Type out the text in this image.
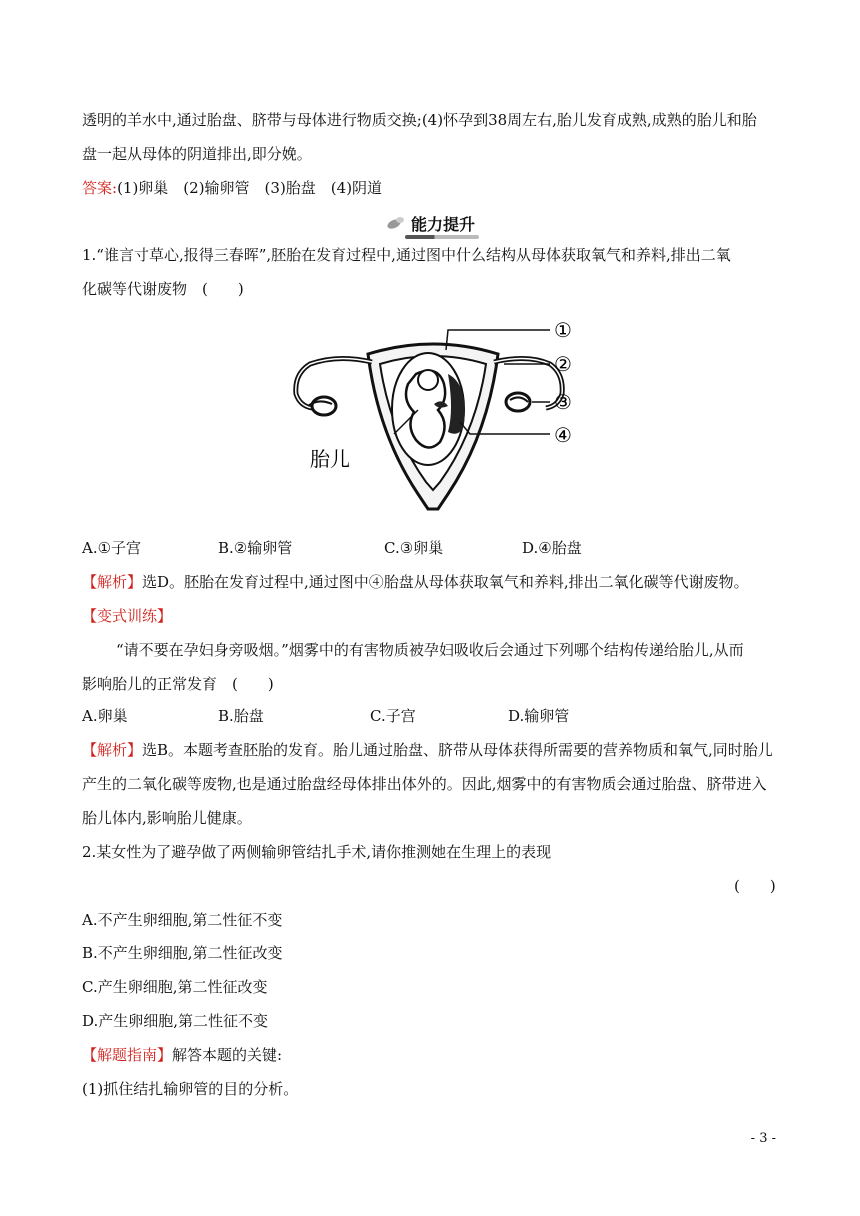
透明的羊水中,通过胎盘、脐带与母体进行物质交换;(4)怀孕到38周左右,胎儿发育成熟,成熟的胎儿和胎
盘一起从母体的阴道排出,即分娩。
答案:(1)卵巢　(2)输卵管　(3)胎盘　(4)阴道
能力提升
1.“谁言寸草心,报得三春晖”,胚胎在发育过程中,通过图中什么结构从母体获取氧气和养料,排出二氧
化碳等代谢废物　(　　)
①
②
③
④
胎儿
A.①子宫	B.②输卵管	C.③卵巢	D.④胎盘
【解析】选D。胚胎在发育过程中,通过图中④胎盘从母体获取氧气和养料,排出二氧化碳等代谢废物。
【变式训练】
“请不要在孕妇身旁吸烟。”烟雾中的有害物质被孕妇吸收后会通过下列哪个结构传递给胎儿,从而
影响胎儿的正常发育　(　　)
A.卵巢	B.胎盘	C.子宫	D.输卵管
【解析】选B。本题考查胚胎的发育。胎儿通过胎盘、脐带从母体获得所需要的营养物质和氧气,同时胎儿
产生的二氧化碳等废物,也是通过胎盘经母体排出体外的。因此,烟雾中的有害物质会通过胎盘、脐带进入
胎儿体内,影响胎儿健康。
2.某女性为了避孕做了两侧输卵管结扎手术,请你推测她在生理上的表现
(　　)
A.不产生卵细胞,第二性征不变
B.不产生卵细胞,第二性征改变
C.产生卵细胞,第二性征改变
D.产生卵细胞,第二性征不变
【解题指南】解答本题的关键:
(1)抓住结扎输卵管的目的分析。
- 3 -
